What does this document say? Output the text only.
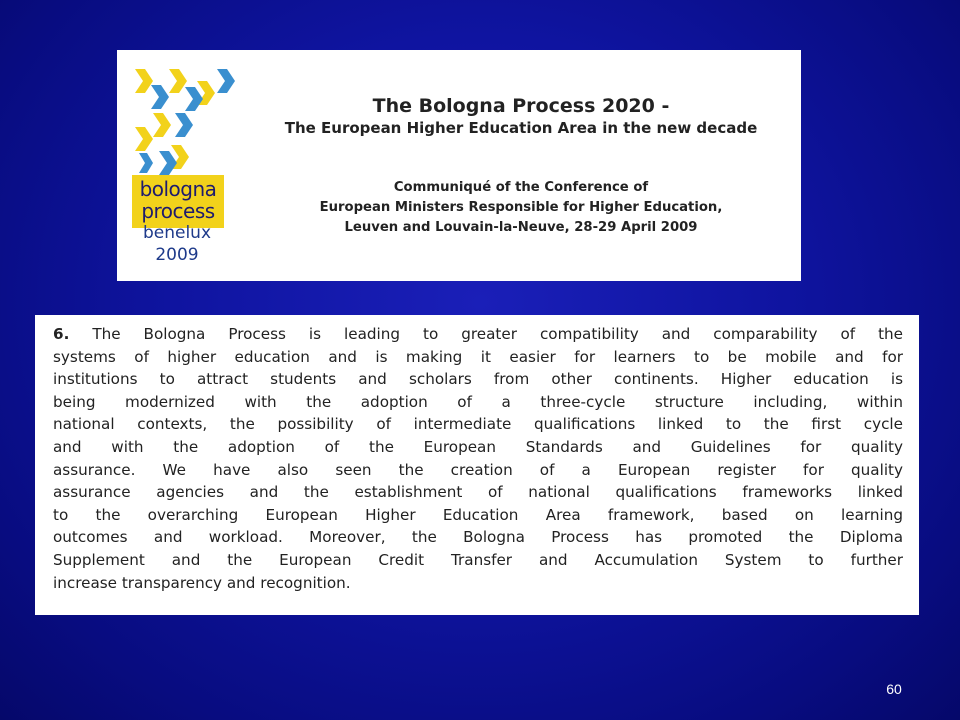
bologna
process
benelux
2009
The Bologna Process 2020 -
The European Higher Education Area in the new decade
Communiqué of the Conference of
European Ministers Responsible for Higher Education,
Leuven and Louvain-la-Neuve, 28-29 April 2009
6. The Bologna Process is leading to greater compatibility and comparability of the
systems of higher education and is making it easier for learners to be mobile and for
institutions to attract students and scholars from other continents. Higher education is
being modernized with the adoption of a three-cycle structure including, within
national contexts, the possibility of intermediate qualifications linked to the first cycle
and with the adoption of the European Standards and Guidelines for quality
assurance. We have also seen the creation of a European register for quality
assurance agencies and the establishment of national qualifications frameworks linked
to the overarching European Higher Education Area framework, based on learning
outcomes and workload. Moreover, the Bologna Process has promoted the Diploma
Supplement and the European Credit Transfer and Accumulation System to further
increase transparency and recognition.
60
